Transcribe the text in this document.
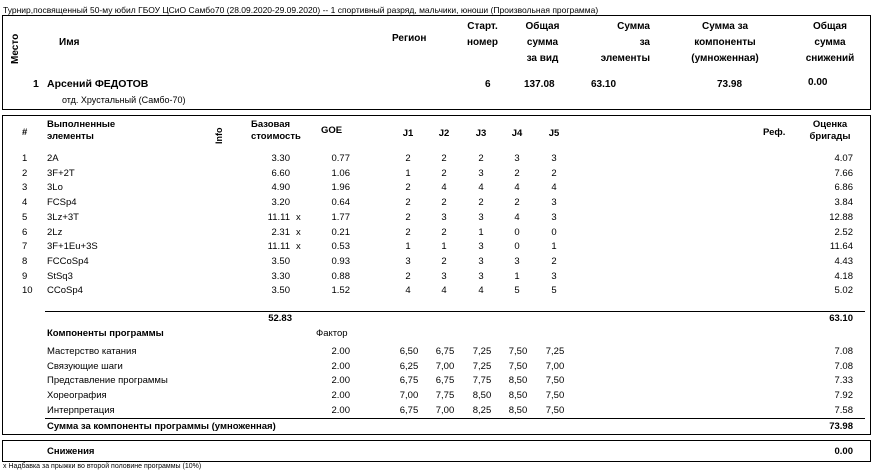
Турнир,посвященный 50-му юбил ГБОУ ЦСиО Самбо70 (28.09.2020-29.09.2020) -- 1 спортивный разряд, мальчики, юноши (Произвольная программа)
Место	Имя	Регион
Старт.
номер
Общая
сумма
за вид
Сумма
за
элементы
Сумма за
компоненты
(умноженная)
Общая
сумма
снижений
1 Арсений ФЕДОТОВ
отд. Хрустальный (Самбо-70)
6	137.08	63.10	73.98	0.00
#
Выполненные
элементы	Info
Базовая
стоимость
GOE	J1	J2	J3	J4	J5	Реф.
Оценка
бригады
1 2A	3.30	0.77	2	2	2	3	3	4.07
2 3F+2T	6.60	1.06	1	2	3	2	2	7.66
3 3Lo	4.90	1.96	2	4	4	4	4	6.86
4 FCSp4	3.20	0.64	2	2	2	2	3	3.84
5 3Lz+3T	11.11 x	1.77	2	3	3	4	3	12.88
6 2Lz	2.31 x	0.21	2	2	1	0	0	2.52
7 3F+1Eu+3S	11.11 x	0.53	1	1	3	0	1	11.64
8 FCCoSp4	3.50	0.93	3	2	3	3	2	4.43
9 StSq3	3.30	0.88	2	3	3	1	3	4.18
10 CCoSp4	3.50	1.52	4	4	4	5	5	5.02
52.83	63.10
Компоненты программы	Фактор
Мастерство катания	2.00	6,50	6,75	7,25	7,50	7,25	7.08
Связующие шаги	2.00	6,25	7,00	7,25	7,50	7,00	7.08
Представление программы	2.00	6,75	6,75	7,75	8,50	7,50	7.33
Хореография	2.00	7,00	7,75	8,50	8,50	7,50	7.92
Интерпретация	2.00	6,75	7,00	8,25	8,50	7,50	7.58
Сумма за компоненты программы (умноженная)	73.98
Снижения	0.00
x Надбавка за прыжки во второй половине программы (10%)
